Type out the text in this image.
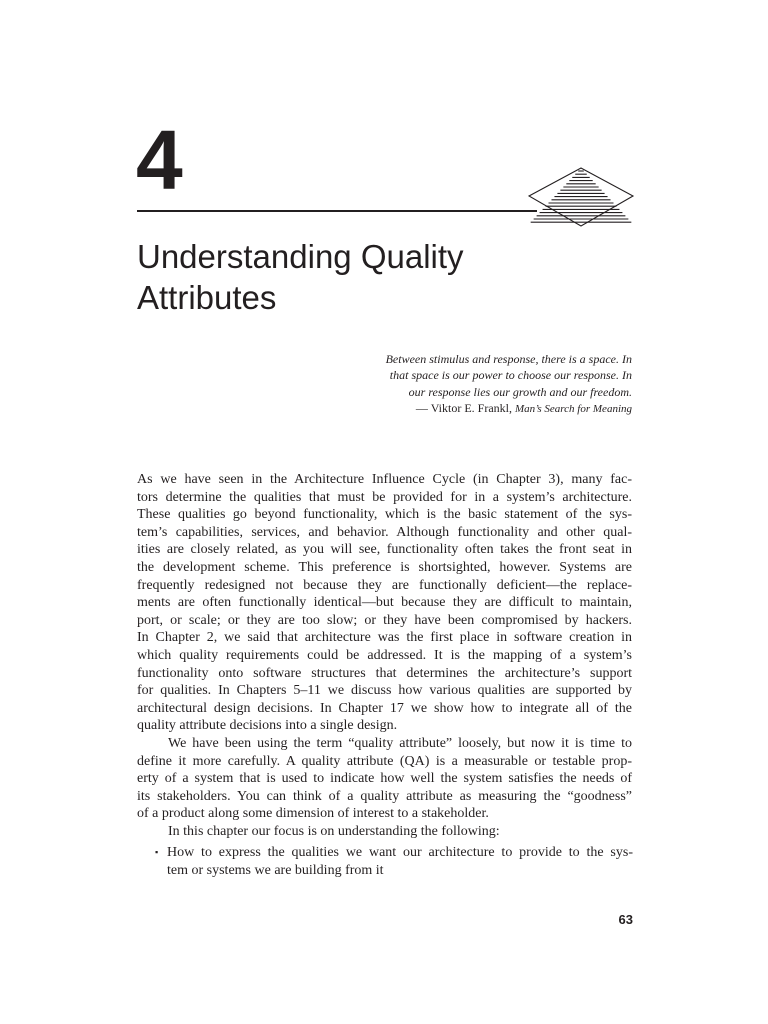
4
Understanding Quality
Attributes
Between stimulus and response, there is a space. In
that space is our power to choose our response. In
our response lies our growth and our freedom.
— Viktor E. Frankl, Man’s Search for Meaning
As we have seen in the Architecture Influence Cycle (in Chapter 3), many fac-
tors determine the qualities that must be provided for in a system’s architecture.
These qualities go beyond functionality, which is the basic statement of the sys-
tem’s capabilities, services, and behavior. Although functionality and other qual-
ities are closely related, as you will see, functionality often takes the front seat in
the development scheme. This preference is shortsighted, however. Systems are
frequently redesigned not because they are functionally deficient—the replace-
ments are often functionally identical—but because they are difficult to maintain,
port, or scale; or they are too slow; or they have been compromised by hackers.
In Chapter 2, we said that architecture was the first place in software creation in
which quality requirements could be addressed. It is the mapping of a system’s
functionality onto software structures that determines the architecture’s support
for qualities. In Chapters 5–11 we discuss how various qualities are supported by
architectural design decisions. In Chapter 17 we show how to integrate all of the
quality attribute decisions into a single design.
We have been using the term “quality attribute” loosely, but now it is time to
define it more carefully. A quality attribute (QA) is a measurable or testable prop-
erty of a system that is used to indicate how well the system satisfies the needs of
its stakeholders. You can think of a quality attribute as measuring the “goodness”
of a product along some dimension of interest to a stakeholder.
In this chapter our focus is on understanding the following:
▪ How to express the qualities we want our architecture to provide to the sys-
tem or systems we are building from it
63
